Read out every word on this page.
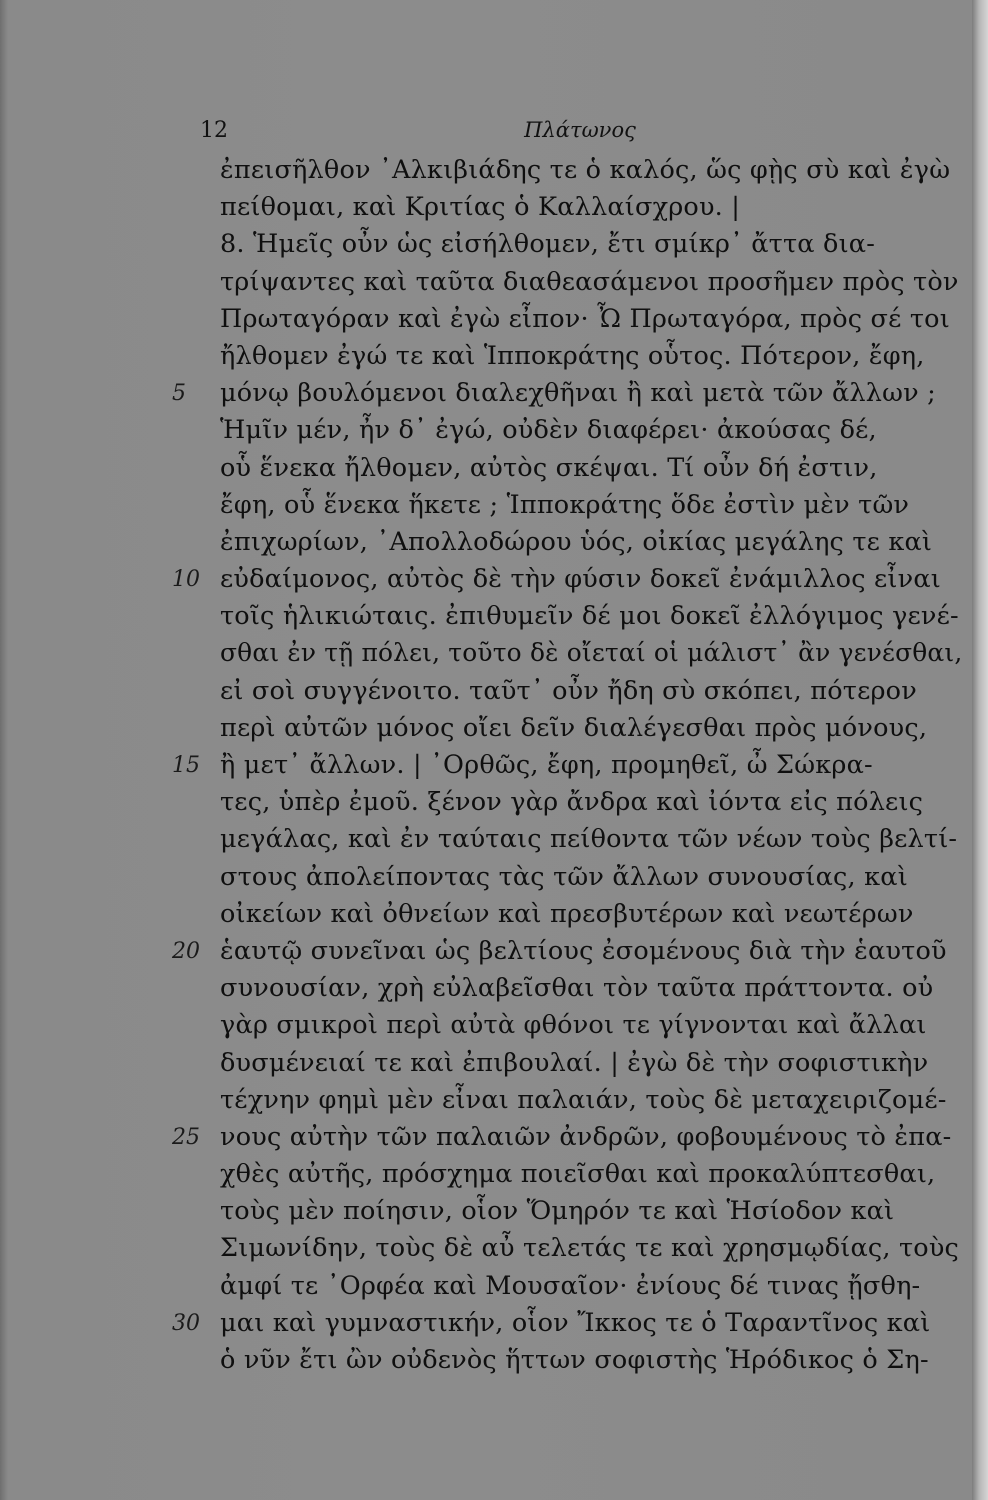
12	Πλάτωνος
ἐπεισῆλθον ᾿Αλκιβιάδης τε ὁ καλός, ὥς φῂς σὺ καὶ ἐγὼ
πείθομαι, καὶ Κριτίας ὁ Καλλαίσχρου. |
8. Ἡμεῖς οὖν ὡς εἰσήλθομεν, ἔτι σμίκρ᾿ ἄττα δια-
τρίψαντες καὶ ταῦτα διαθεασάμενοι προσῆμεν πρὸς τὸν
Πρωταγόραν καὶ ἐγὼ εἶπον· Ὦ Πρωταγόρα, πρὸς σέ τοι
ἤλθομεν ἐγώ τε καὶ Ἱπποκράτης οὗτος. Πότερον, ἔφη,
5	μόνῳ βουλόμενοι διαλεχθῆναι ἢ καὶ μετὰ τῶν ἄλλων ;
Ἡμῖν μέν, ἦν δ᾿ ἐγώ, οὐδὲν διαφέρει· ἀκούσας δέ,
οὗ ἕνεκα ἤλθομεν, αὐτὸς σκέψαι. Τί οὖν δή ἐστιν,
ἔφη, οὗ ἕνεκα ἥκετε ; Ἱπποκράτης ὅδε ἐστὶν μὲν τῶν
ἐπιχωρίων, ᾿Απολλοδώρου ὑός, οἰκίας μεγάλης τε καὶ
10 εὐδαίμονος, αὐτὸς δὲ τὴν φύσιν δοκεῖ ἐνάμιλλος εἶναι
τοῖς ἡλικιώταις. ἐπιθυμεῖν δέ μοι δοκεῖ ἐλλόγιμος γενέ-
σθαι ἐν τῇ πόλει, τοῦτο δὲ οἴεταί οἱ μάλιστ᾿ ἂν γενέσθαι,
εἰ σοὶ συγγένοιτο. ταῦτ᾿ οὖν ἤδη σὺ σκόπει, πότερον
περὶ αὐτῶν μόνος οἴει δεῖν διαλέγεσθαι πρὸς μόνους,
15 ἢ μετ᾿ ἄλλων. | ᾿Ορθῶς, ἔφη, προμηθεῖ, ὦ Σώκρα-
τες, ὑπὲρ ἐμοῦ. ξένον γὰρ ἄνδρα καὶ ἰόντα εἰς πόλεις
μεγάλας, καὶ ἐν ταύταις πείθοντα τῶν νέων τοὺς βελτί-
στους ἀπολείποντας τὰς τῶν ἄλλων συνουσίας, καὶ
οἰκείων καὶ ὀθνείων καὶ πρεσβυτέρων καὶ νεωτέρων
20 ἑαυτῷ συνεῖναι ὡς βελτίους ἐσομένους διὰ τὴν ἑαυτοῦ
συνουσίαν, χρὴ εὐλαβεῖσθαι τὸν ταῦτα πράττοντα. οὐ
γὰρ σμικροὶ περὶ αὐτὰ φθόνοι τε γίγνονται καὶ ἄλλαι
δυσμένειαί τε καὶ ἐπιβουλαί. | ἐγὼ δὲ τὴν σοφιστικὴν
τέχνην φημὶ μὲν εἶναι παλαιάν, τοὺς δὲ μεταχειριζομέ-
25 νους αὐτὴν τῶν παλαιῶν ἀνδρῶν, φοβουμένους τὸ ἐπα-
χθὲς αὐτῆς, πρόσχημα ποιεῖσθαι καὶ προκαλύπτεσθαι,
τοὺς μὲν ποίησιν, οἷον Ὅμηρόν τε καὶ Ἡσίοδον καὶ
Σιμωνίδην, τοὺς δὲ αὖ τελετάς τε καὶ χρησμῳδίας, τοὺς
ἀμφί τε ᾿Ορφέα καὶ Μουσαῖον· ἐνίους δέ τινας ᾔσθη-
30 μαι καὶ γυμναστικήν, οἷον Ἴκκος τε ὁ Ταραντῖνος καὶ
ὁ νῦν ἔτι ὢν οὐδενὸς ἥττων σοφιστὴς Ἡρόδικος ὁ Ση-
